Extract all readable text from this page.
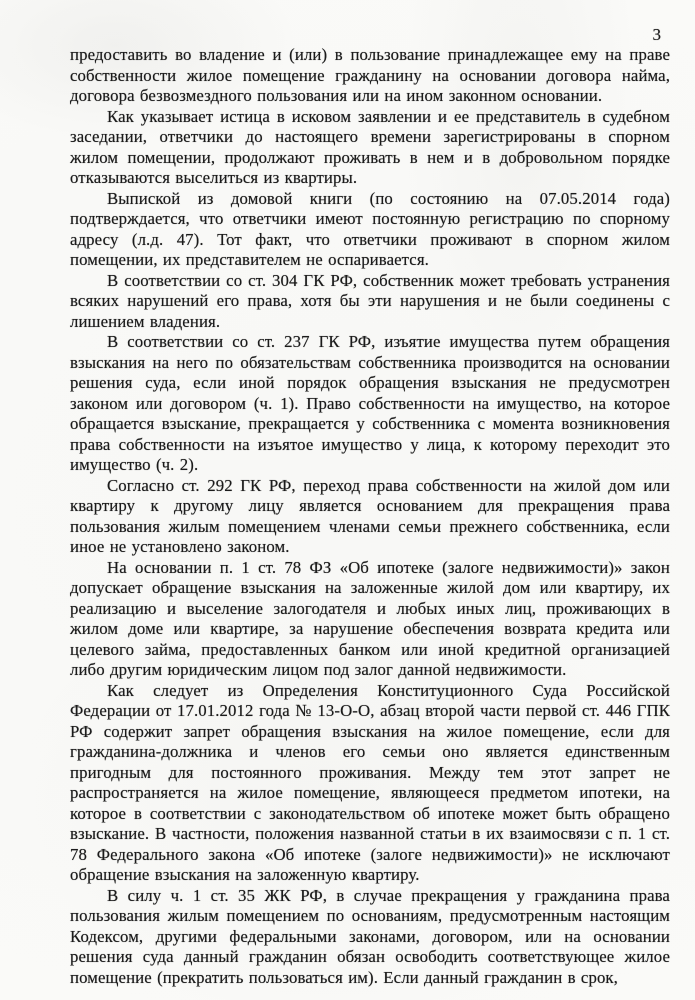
3

предоставить во владение и (или) в пользование принадлежащее ему на праве собственности жилое помещение гражданину на основании договора найма, договора безвозмездного пользования или на ином законном основании.

Как указывает истица в исковом заявлении и ее представитель в судебном заседании, ответчики до настоящего времени зарегистрированы в спорном жилом помещении, продолжают проживать в нем и в добровольном порядке отказываются выселиться из квартиры.

Выпиской из домовой книги (по состоянию на 07.05.2014 года) подтверждается, что ответчики имеют постоянную регистрацию по спорному адресу (л.д. 47). Тот факт, что ответчики проживают в спорном жилом помещении, их представителем не оспаривается.

В соответствии со ст. 304 ГК РФ, собственник может требовать устранения всяких нарушений его права, хотя бы эти нарушения и не были соединены с лишением владения.

В соответствии со ст. 237 ГК РФ, изъятие имущества путем обращения взыскания на него по обязательствам собственника производится на основании решения суда, если иной порядок обращения взыскания не предусмотрен законом или договором (ч. 1). Право собственности на имущество, на которое обращается взыскание, прекращается у собственника с момента возникновения права собственности на изъятое имущество у лица, к которому переходит это имущество (ч. 2).

Согласно ст. 292 ГК РФ, переход права собственности на жилой дом или квартиру к другому лицу является основанием для прекращения права пользования жилым помещением членами семьи прежнего собственника, если иное не установлено законом.

На основании п. 1 ст. 78 ФЗ «Об ипотеке (залоге недвижимости)» закон допускает обращение взыскания на заложенные жилой дом или квартиру, их реализацию и выселение залогодателя и любых иных лиц, проживающих в жилом доме или квартире, за нарушение обеспечения возврата кредита или целевого займа, предоставленных банком или иной кредитной организацией либо другим юридическим лицом под залог данной недвижимости.

Как следует из Определения Конституционного Суда Российской Федерации от 17.01.2012 года № 13-О-О, абзац второй части первой ст. 446 ГПК РФ содержит запрет обращения взыскания на жилое помещение, если для гражданина-должника и членов его семьи оно является единственным пригодным для постоянного проживания. Между тем этот запрет не распространяется на жилое помещение, являющееся предметом ипотеки, на которое в соответствии с законодательством об ипотеке может быть обращено взыскание. В частности, положения названной статьи в их взаимосвязи с п. 1 ст. 78 Федерального закона «Об ипотеке (залоге недвижимости)» не исключают обращение взыскания на заложенную квартиру.

В силу ч. 1 ст. 35 ЖК РФ, в случае прекращения у гражданина права пользования жилым помещением по основаниям, предусмотренным настоящим Кодексом, другими федеральными законами, договором, или на основании решения суда данный гражданин обязан освободить соответствующее жилое помещение (прекратить пользоваться им). Если данный гражданин в срок,
